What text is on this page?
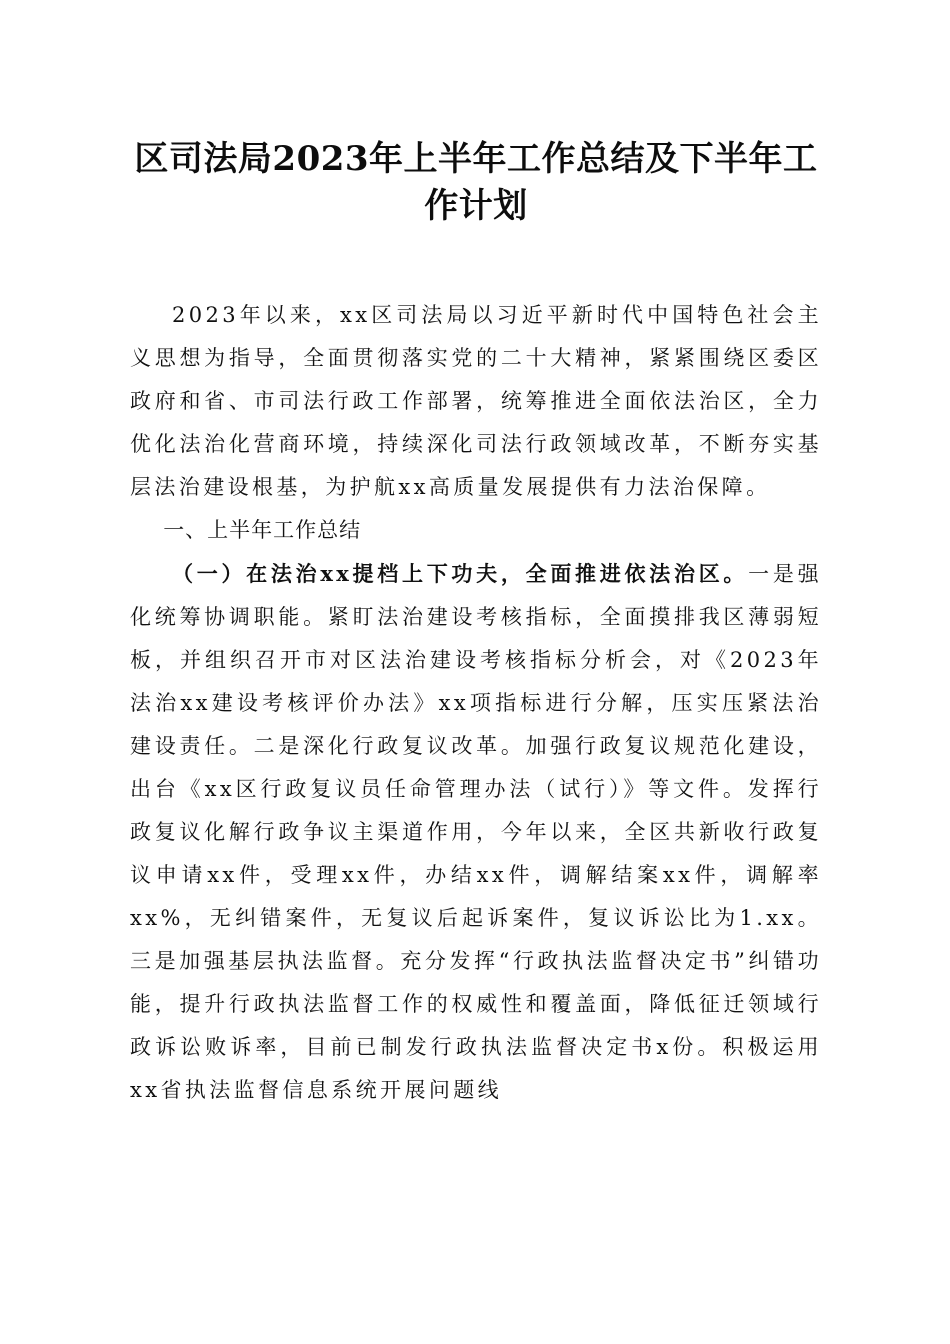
区司法局2023年上半年工作总结及下半年工
作计划

2023年以来，xx区司法局以习近平新时代中国特色社会主义思想为指导，全面贯彻落实党的二十大精神，紧紧围绕区委区政府和省、市司法行政工作部署，统筹推进全面依法治区，全力优化法治化营商环境，持续深化司法行政领域改革，不断夯实基层法治建设根基，为护航xx高质量发展提供有力法治保障。

一、上半年工作总结

（一）在法治xx提档上下功夫，全面推进依法治区。一是强化统筹协调职能。紧盯法治建设考核指标，全面摸排我区薄弱短板，并组织召开市对区法治建设考核指标分析会，对《2023年法治xx建设考核评价办法》xx项指标进行分解，压实压紧法治建设责任。二是深化行政复议改革。加强行政复议规范化建设，出台《xx区行政复议员任命管理办法（试行）》等文件。发挥行政复议化解行政争议主渠道作用，今年以来，全区共新收行政复议申请xx件，受理xx件，办结xx件，调解结案xx件，调解率xx%，无纠错案件，无复议后起诉案件，复议诉讼比为1.xx。三是加强基层执法监督。充分发挥“行政执法监督决定书”纠错功能，提升行政执法监督工作的权威性和覆盖面，降低征迁领域行政诉讼败诉率，目前已制发行政执法监督决定书x份。积极运用xx省执法监督信息系统开展问题线
